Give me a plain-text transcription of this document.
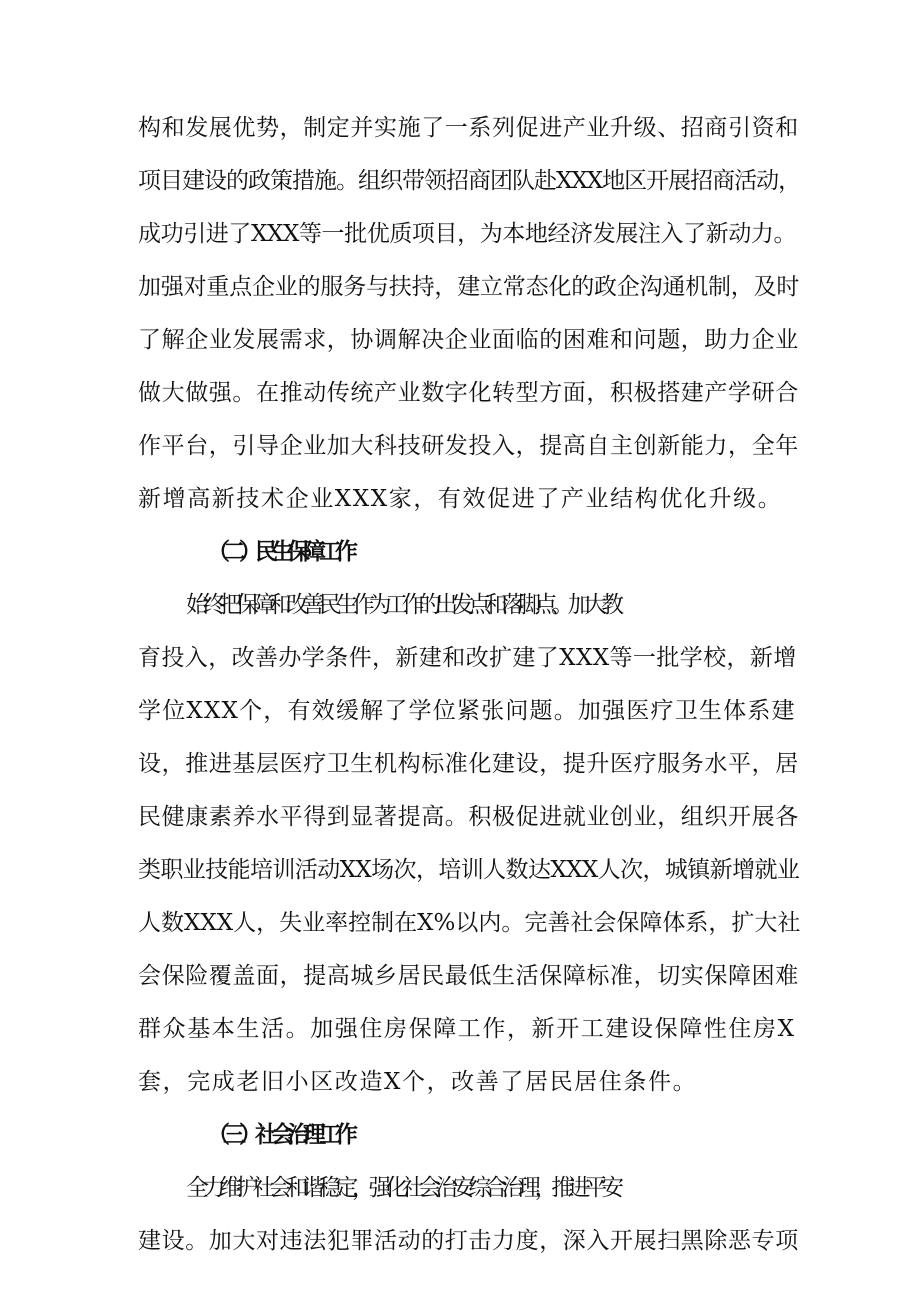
构和发展优势，制定并实施了一系列促进产业升级、招商引资和
项目建设的政策措施。组织带领招商团队赴XXX地区开展招商活动，
成功引进了XXX等一批优质项目，为本地经济发展注入了新动力。
加强对重点企业的服务与扶持，建立常态化的政企沟通机制，及时
了解企业发展需求，协调解决企业面临的困难和问题，助力企业
做大做强。在推动传统产业数字化转型方面，积极搭建产学研合
作平台，引导企业加大科技研发投入，提高自主创新能力，全年
新增高新技术企业XXX家，有效促进了产业结构优化升级。
（二）民生保障工作
始终把保障和改善民生作为工作的出发点和落脚点。加大教
育投入，改善办学条件，新建和改扩建了XXX等一批学校，新增
学位XXX个，有效缓解了学位紧张问题。加强医疗卫生体系建
设，推进基层医疗卫生机构标准化建设，提升医疗服务水平，居
民健康素养水平得到显著提高。积极促进就业创业，组织开展各
类职业技能培训活动XX场次，培训人数达XXX人次，城镇新增就业
人数XXX人，失业率控制在X%以内。完善社会保障体系，扩大社
会保险覆盖面，提高城乡居民最低生活保障标准，切实保障困难
群众基本生活。加强住房保障工作，新开工建设保障性住房X
套，完成老旧小区改造X个，改善了居民居住条件。
（三）社会治理工作
全力维护社会和谐稳定，强化社会治安综合治理，推进平安
建设。加大对违法犯罪活动的打击力度，深入开展扫黑除恶专项
